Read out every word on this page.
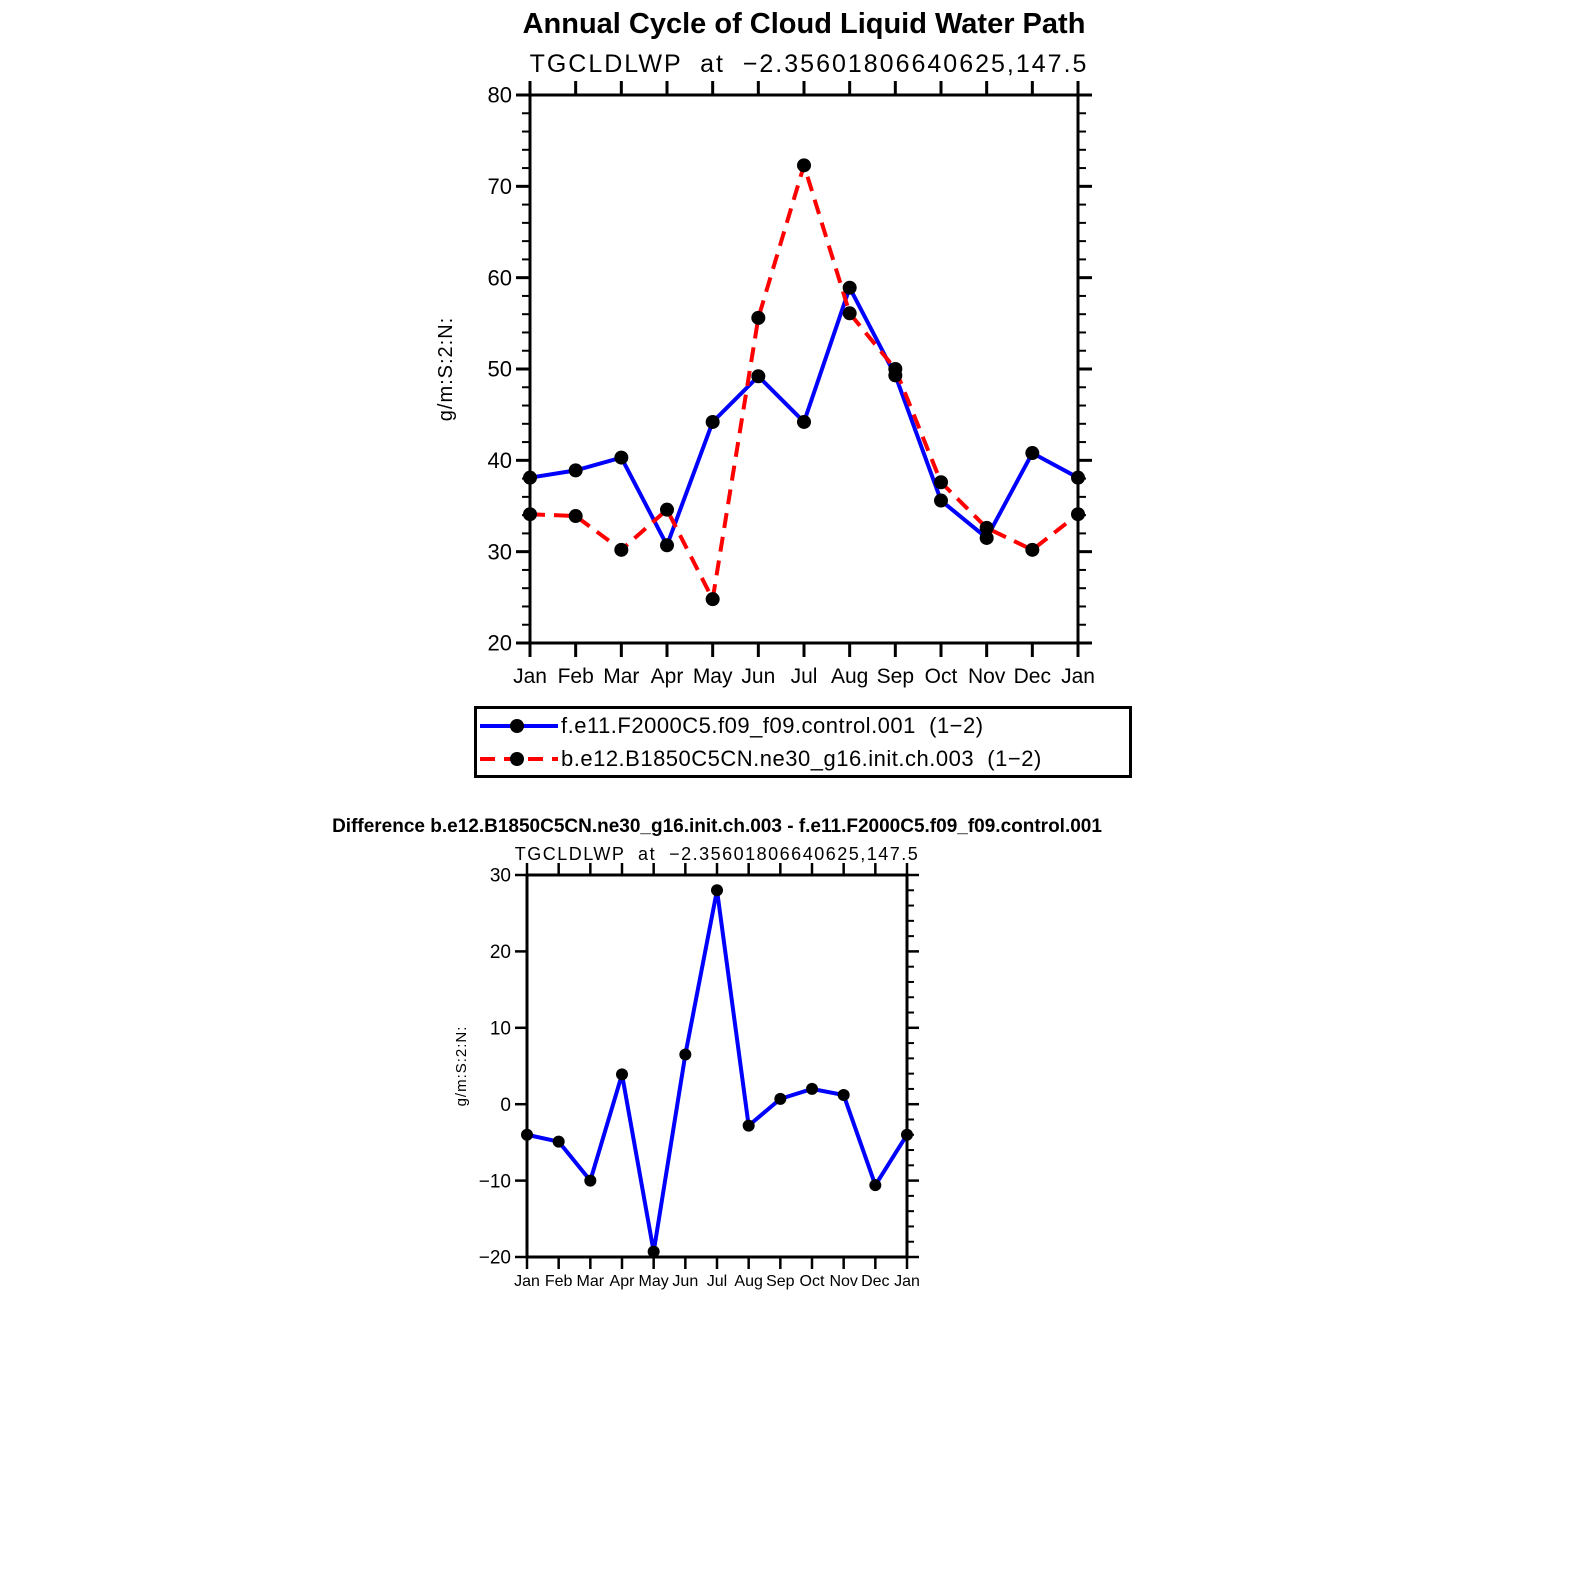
Annual Cycle of Cloud Liquid Water Path
TGCLDLWP  at  −2.35601806640625,147.5
20
30
40
50
60
70
80
Jan Feb Mar Apr May Jun Jul Aug Sep Oct Nov Dec Jan
g/m:S:2:N:
f.e11.F2000C5.f09_f09.control.001  (1−2)
b.e12.B1850C5CN.ne30_g16.init.ch.003  (1−2)
Difference b.e12.B1850C5CN.ne30_g16.init.ch.003 - f.e11.F2000C5.f09_f09.control.001
TGCLDLWP  at  −2.35601806640625,147.5
−20
−10
0
10
20
30
Jan Feb Mar Apr May Jun Jul Aug Sep Oct Nov Dec Jan
g/m:S:2:N:
